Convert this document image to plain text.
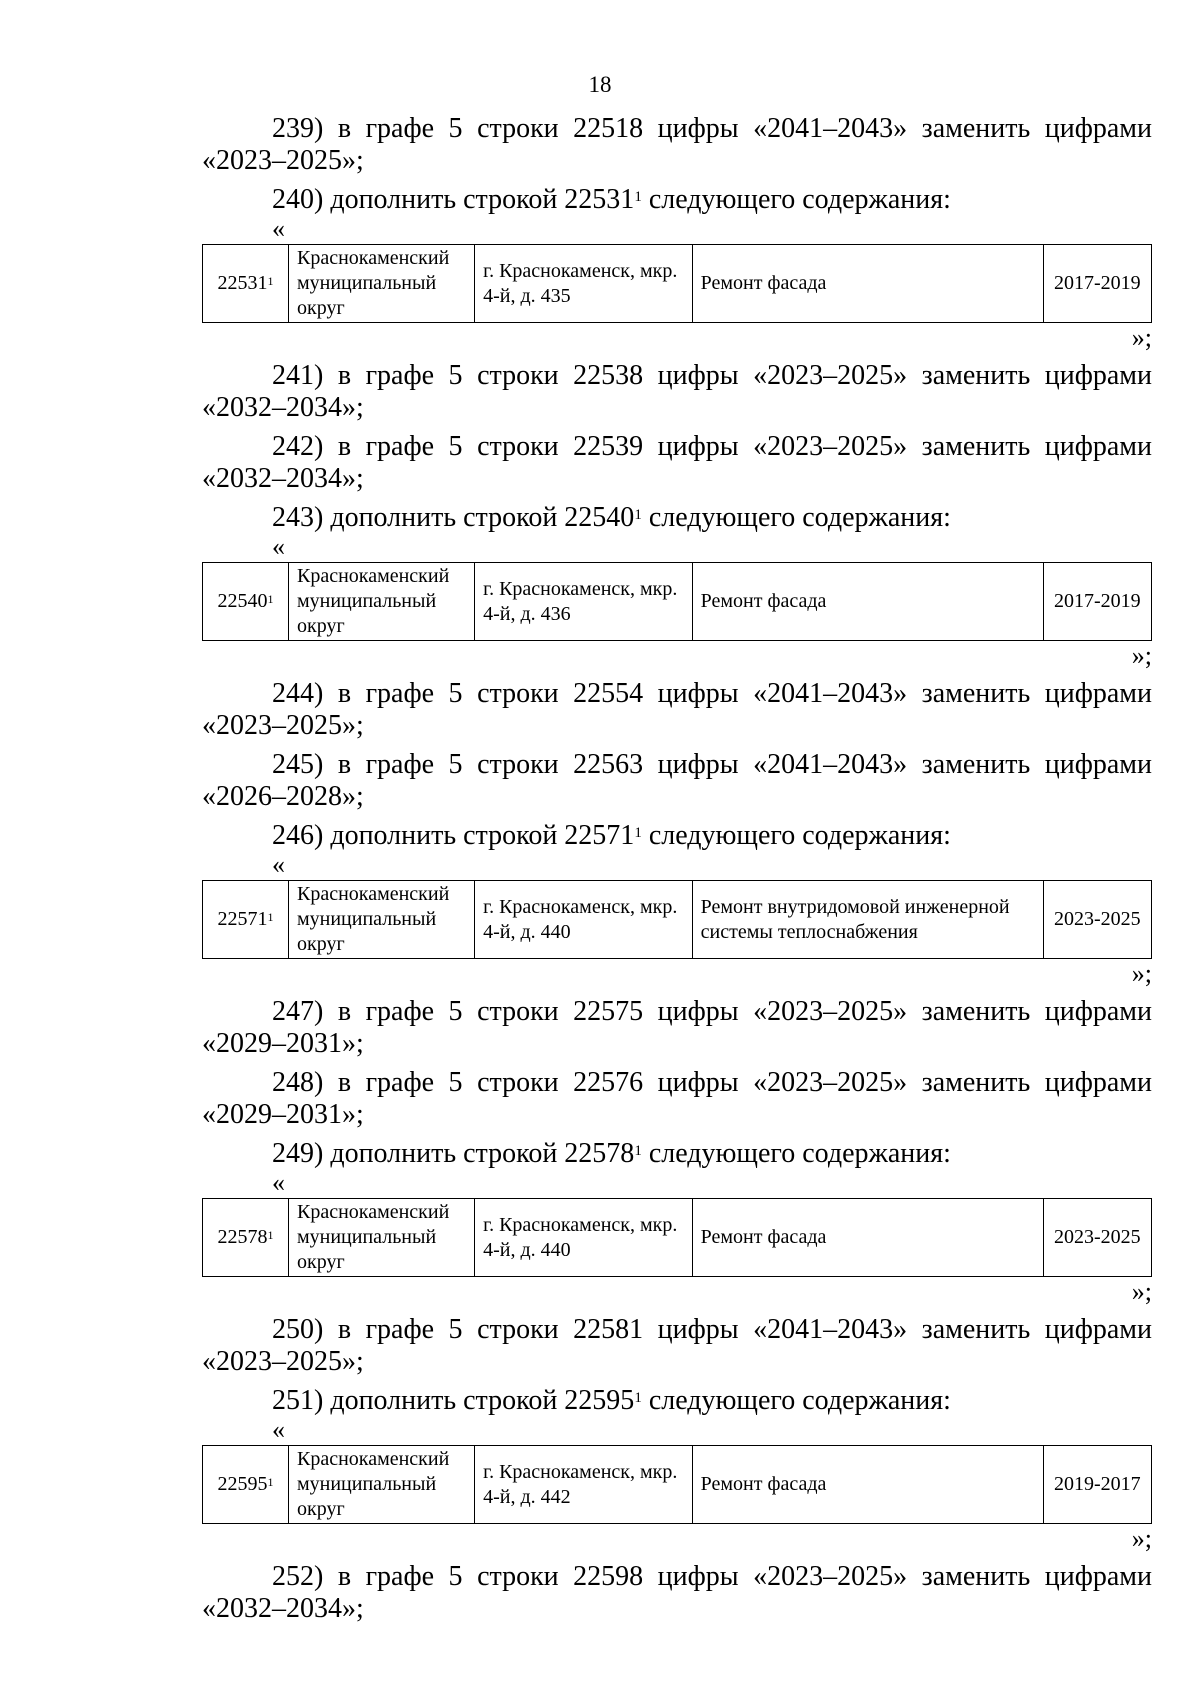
18
239) в графе 5 строки 22518 цифры «2041–2043» заменить цифрами
«2023–2025»;
240) дополнить строкой 22531$^1$ следующего содержания:
«
22531$^1$	Краснокаменский муниципальный округ	г. Краснокаменск, мкр. 4-й, д. 435	Ремонт фасада	2017-2019
»;
241) в графе 5 строки 22538 цифры «2023–2025» заменить цифрами
«2032–2034»;
242) в графе 5 строки 22539 цифры «2023–2025» заменить цифрами
«2032–2034»;
243) дополнить строкой 22540$^1$ следующего содержания:
«
22540$^1$	Краснокаменский муниципальный округ	г. Краснокаменск, мкр. 4-й, д. 436	Ремонт фасада	2017-2019
»;
244) в графе 5 строки 22554 цифры «2041–2043» заменить цифрами
«2023–2025»;
245) в графе 5 строки 22563 цифры «2041–2043» заменить цифрами
«2026–2028»;
246) дополнить строкой 22571$^1$ следующего содержания:
«
22571$^1$	Краснокаменский муниципальный округ	г. Краснокаменск, мкр. 4-й, д. 440	Ремонт внутридомовой инженерной системы теплоснабжения	2023-2025
»;
247) в графе 5 строки 22575 цифры «2023–2025» заменить цифрами
«2029–2031»;
248) в графе 5 строки 22576 цифры «2023–2025» заменить цифрами
«2029–2031»;
249) дополнить строкой 22578$^1$ следующего содержания:
«
22578$^1$	Краснокаменский муниципальный округ	г. Краснокаменск, мкр. 4-й, д. 440	Ремонт фасада	2023-2025
»;
250) в графе 5 строки 22581 цифры «2041–2043» заменить цифрами
«2023–2025»;
251) дополнить строкой 22595$^1$ следующего содержания:
«
22595$^1$	Краснокаменский муниципальный округ	г. Краснокаменск, мкр. 4-й, д. 442	Ремонт фасада	2019-2017
»;
252) в графе 5 строки 22598 цифры «2023–2025» заменить цифрами
«2032–2034»;
